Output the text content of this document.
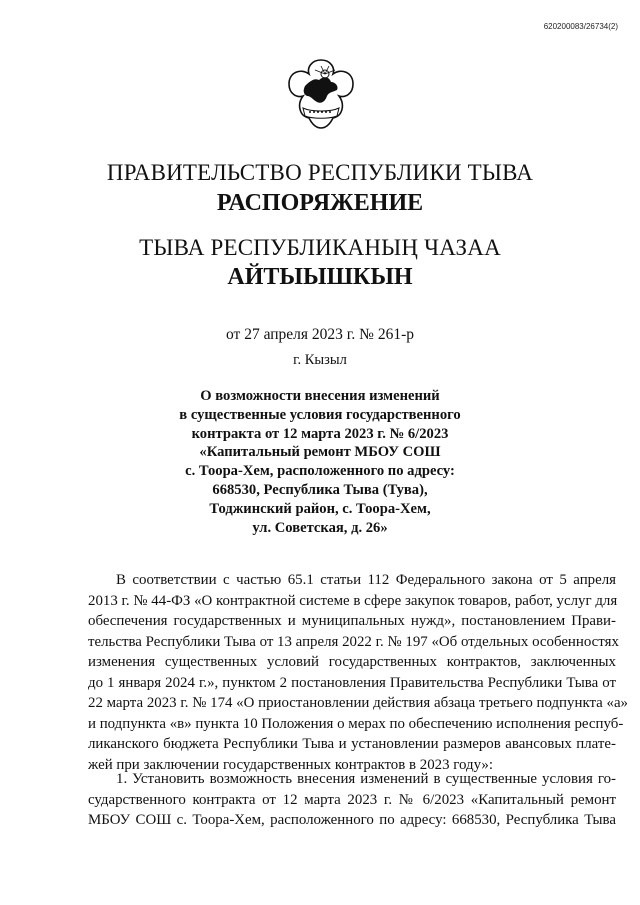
620200083/26734(2)
ПРАВИТЕЛЬСТВО РЕСПУБЛИКИ ТЫВА
РАСПОРЯЖЕНИЕ
ТЫВА РЕСПУБЛИКАНЫҢ ЧАЗАА
АЙТЫЫШКЫН
от 27 апреля 2023 г. № 261-р
г. Кызыл
О возможности внесения изменений
в существенные условия государственного
контракта от 12 марта 2023 г. № 6/2023
«Капитальный ремонт МБОУ СОШ
с. Тоора-Хем, расположенного по адресу:
668530, Республика Тыва (Тува),
Тоджинский район, с. Тоора-Хем,
ул. Советская, д. 26»
В соответствии с частью 65.1 статьи 112 Федерального закона от 5 апреля
2013 г. № 44-ФЗ «О контрактной системе в сфере закупок товаров, работ, услуг для
обеспечения государственных и муниципальных нужд», постановлением Прави-
тельства Республики Тыва от 13 апреля 2022 г. № 197 «Об отдельных особенностях
изменения существенных условий государственных контрактов, заключенных
до 1 января 2024 г.», пунктом 2 постановления Правительства Республики Тыва от
22 марта 2023 г. № 174 «О приостановлении действия абзаца третьего подпункта «а»
и подпункта «в» пункта 10 Положения о мерах по обеспечению исполнения респуб-
ликанского бюджета Республики Тыва и установлении размеров авансовых плате-
жей при заключении государственных контрактов в 2023 году»:
1. Установить возможность внесения изменений в существенные условия го-
сударственного контракта от 12 марта 2023 г. № 6/2023 «Капитальный ремонт
МБОУ СОШ с. Тоора-Хем, расположенного по адресу: 668530, Республика Тыва
